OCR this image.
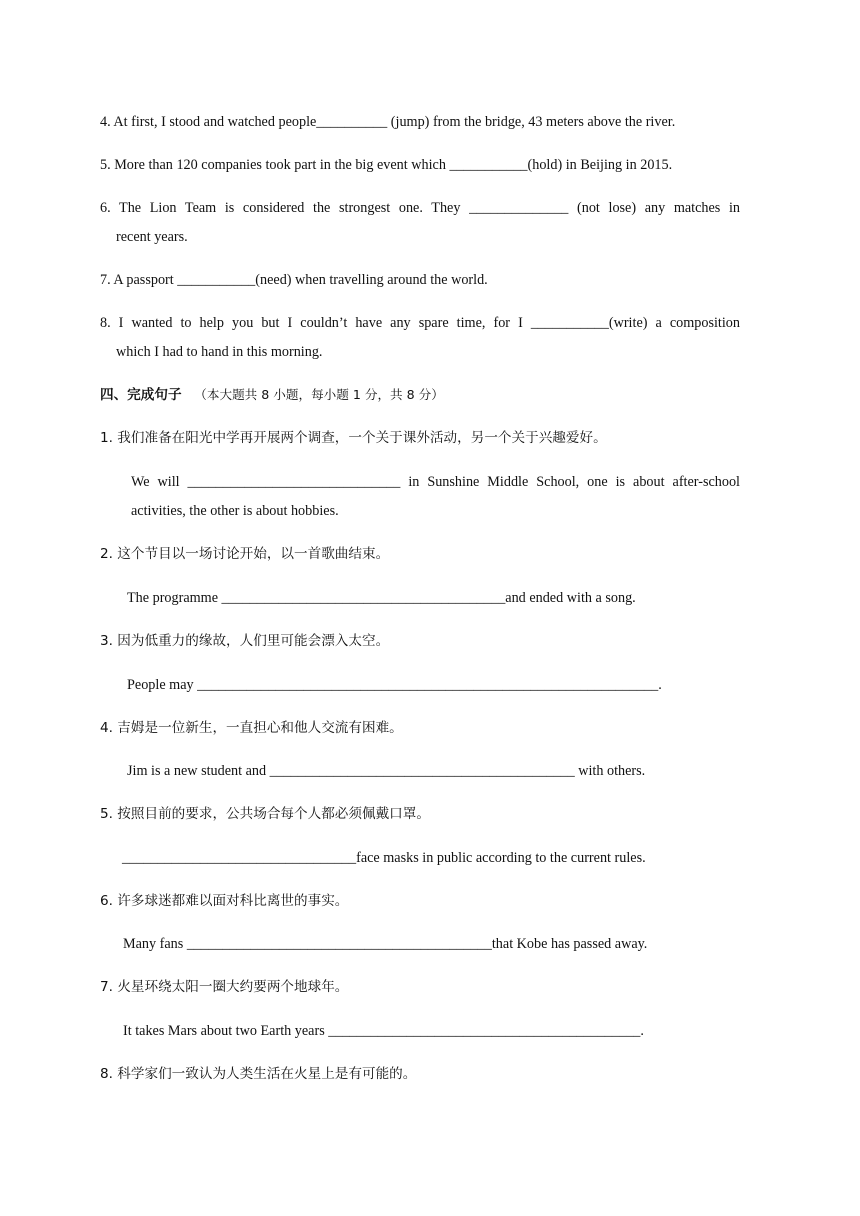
4. At first, I stood and watched people__________ (jump) from the bridge, 43 meters above the river.
5. More than 120 companies took part in the big event which ___________(hold) in Beijing in 2015.
6. The Lion Team is considered the strongest one. They ______________ (not lose) any matches in
recent years.
7. A passport ___________(need) when travelling around the world.
8. I wanted to help you but I couldn’t have any spare time, for I ___________(write) a composition
which I had to hand in this morning.
四、完成句子 （本大题共 8 小题，每小题 1 分，共 8 分）
1. 我们准备在阳光中学再开展两个调查，一个关于课外活动，另一个关于兴趣爱好。
We will ______________________________ in Sunshine Middle School, one is about after-school
activities, the other is about hobbies.
2. 这个节目以一场讨论开始，以一首歌曲结束。
The programme ________________________________________and ended with a song.
3. 因为低重力的缘故，人们里可能会漂入太空。
People may _________________________________________________________________.
4. 吉姆是一位新生，一直担心和他人交流有困难。
Jim is a new student and ___________________________________________ with others.
5. 按照目前的要求，公共场合每个人都必须佩戴口罩。
_________________________________face masks in public according to the current rules.
6. 许多球迷都难以面对科比离世的事实。
Many fans ___________________________________________that Kobe has passed away.
7. 火星环绕太阳一圈大约要两个地球年。
It takes Mars about two Earth years ____________________________________________.
8. 科学家们一致认为人类生活在火星上是有可能的。
